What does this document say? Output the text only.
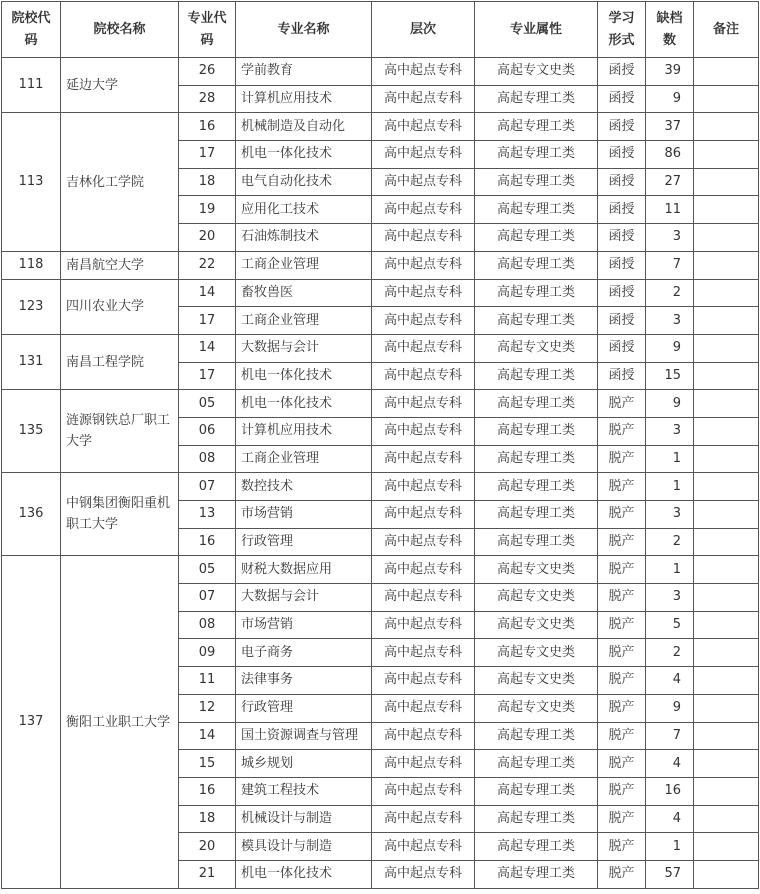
院校代码	院校名称	专业代码	专业名称	层次	专业属性	学习形式	缺档数	备注
111	延边大学	26	学前教育	高中起点专科	高起专文史类	函授	39	
		28	计算机应用技术	高中起点专科	高起专理工类	函授	9	
113	吉林化工学院	16	机械制造及自动化	高中起点专科	高起专理工类	函授	37	
		17	机电一体化技术	高中起点专科	高起专理工类	函授	86	
		18	电气自动化技术	高中起点专科	高起专理工类	函授	27	
		19	应用化工技术	高中起点专科	高起专理工类	函授	11	
		20	石油炼制技术	高中起点专科	高起专理工类	函授	3	
118	南昌航空大学	22	工商企业管理	高中起点专科	高起专理工类	函授	7	
123	四川农业大学	14	畜牧兽医	高中起点专科	高起专理工类	函授	2	
		17	工商企业管理	高中起点专科	高起专理工类	函授	3	
131	南昌工程学院	14	大数据与会计	高中起点专科	高起专文史类	函授	9	
		17	机电一体化技术	高中起点专科	高起专理工类	函授	15	
135	涟源钢铁总厂职工大学	05	机电一体化技术	高中起点专科	高起专理工类	脱产	9	
		06	计算机应用技术	高中起点专科	高起专理工类	脱产	3	
		08	工商企业管理	高中起点专科	高起专理工类	脱产	1	
136	中钢集团衡阳重机职工大学	07	数控技术	高中起点专科	高起专理工类	脱产	1	
		13	市场营销	高中起点专科	高起专理工类	脱产	3	
		16	行政管理	高中起点专科	高起专理工类	脱产	2	
137	衡阳工业职工大学	05	财税大数据应用	高中起点专科	高起专文史类	脱产	1	
		07	大数据与会计	高中起点专科	高起专文史类	脱产	3	
		08	市场营销	高中起点专科	高起专文史类	脱产	5	
		09	电子商务	高中起点专科	高起专文史类	脱产	2	
		11	法律事务	高中起点专科	高起专文史类	脱产	4	
		12	行政管理	高中起点专科	高起专文史类	脱产	9	
		14	国土资源调查与管理	高中起点专科	高起专理工类	脱产	7	
		15	城乡规划	高中起点专科	高起专理工类	脱产	4	
		16	建筑工程技术	高中起点专科	高起专理工类	脱产	16	
		18	机械设计与制造	高中起点专科	高起专理工类	脱产	4	
		20	模具设计与制造	高中起点专科	高起专理工类	脱产	1	
		21	机电一体化技术	高中起点专科	高起专理工类	脱产	57	
